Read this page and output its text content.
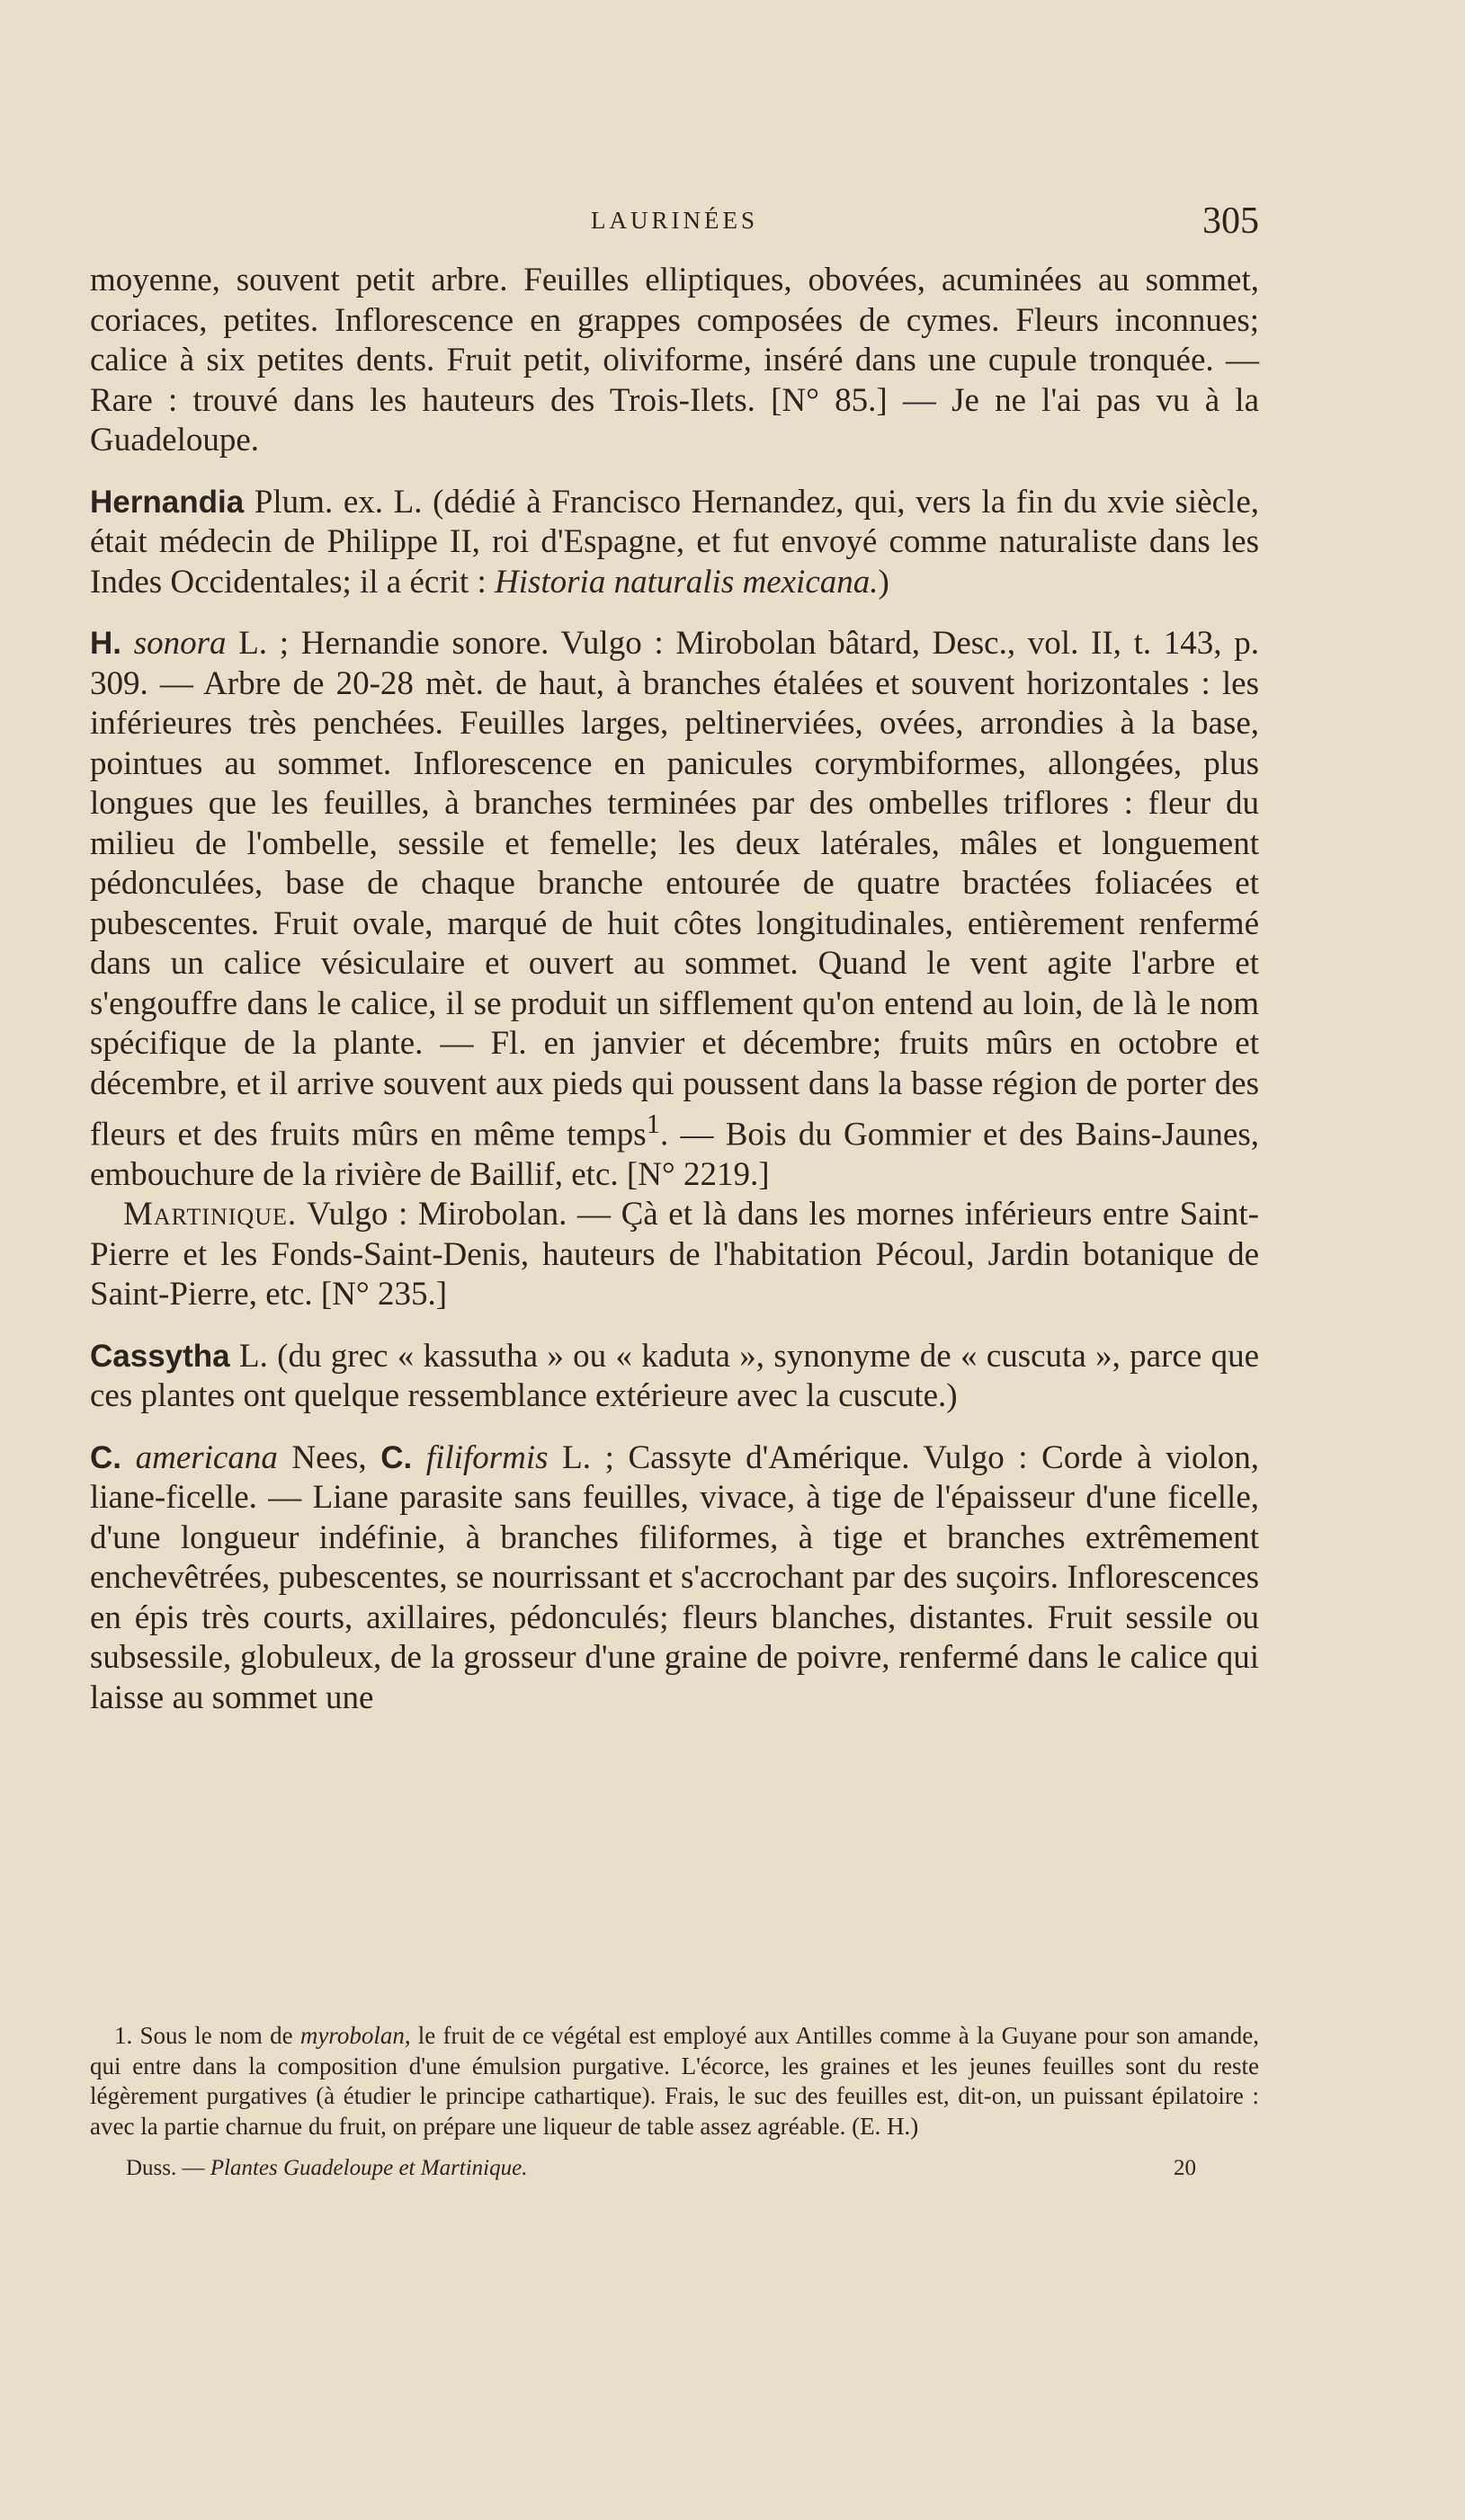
LAURINÉES	305

moyenne, souvent petit arbre. Feuilles elliptiques, obovées, acuminées au sommet, coriaces, petites. Inflorescence en grappes composées de cymes. Fleurs inconnues; calice à six petites dents. Fruit petit, oliviforme, inséré dans une cupule tronquée. — Rare : trouvé dans les hauteurs des Trois-Ilets. [N° 85.] — Je ne l'ai pas vu à la Guadeloupe.

Hernandia Plum. ex. L. (dédié à Francisco Hernandez, qui, vers la fin du xvie siècle, était médecin de Philippe II, roi d'Espagne, et fut envoyé comme naturaliste dans les Indes Occidentales; il a écrit : Historia naturalis mexicana.)

H. sonora L. ; Hernandie sonore. Vulgo : Mirobolan bâtard, Desc., vol. II, t. 143, p. 309. — Arbre de 20-28 mèt. de haut, à branches étalées et souvent horizontales : les inférieures très penchées. Feuilles larges, peltinerviées, ovées, arrondies à la base, pointues au sommet. Inflorescence en panicules corymbiformes, allongées, plus longues que les feuilles, à branches terminées par des ombelles triflores : fleur du milieu de l'ombelle, sessile et femelle; les deux latérales, mâles et longuement pédonculées, base de chaque branche entourée de quatre bractées foliacées et pubescentes. Fruit ovale, marqué de huit côtes longitudinales, entièrement renfermé dans un calice vésiculaire et ouvert au sommet. Quand le vent agite l'arbre et s'engouffre dans le calice, il se produit un sifflement qu'on entend au loin, de là le nom spécifique de la plante. — Fl. en janvier et décembre; fruits mûrs en octobre et décembre, et il arrive souvent aux pieds qui poussent dans la basse région de porter des fleurs et des fruits mûrs en même temps$^1$. — Bois du Gommier et des Bains-Jaunes, embouchure de la rivière de Baillif, etc. [N° 2219.]

 Martinique. Vulgo : Mirobolan. — Çà et là dans les mornes inférieurs entre Saint-Pierre et les Fonds-Saint-Denis, hauteurs de l'habitation Pécoul, Jardin botanique de Saint-Pierre, etc. [N° 235.]

Cassytha L. (du grec « kassutha » ou « kaduta », synonyme de « cuscuta », parce que ces plantes ont quelque ressemblance extérieure avec la cuscute.)

C. americana Nees, C. filiformis L. ; Cassyte d'Amérique. Vulgo : Corde à violon, liane-ficelle. — Liane parasite sans feuilles, vivace, à tige de l'épaisseur d'une ficelle, d'une longueur indéfinie, à branches filiformes, à tige et branches extrêmement enchevêtrées, pubescentes, se nourrissant et s'accrochant par des suçoirs. Inflorescences en épis très courts, axillaires, pédonculés; fleurs blanches, distantes. Fruit sessile ou subsessile, globuleux, de la grosseur d'une graine de poivre, renfermé dans le calice qui laisse au sommet une

 1. Sous le nom de myrobolan, le fruit de ce végétal est employé aux Antilles comme à la Guyane pour son amande, qui entre dans la composition d'une émulsion purgative. L'écorce, les graines et les jeunes feuilles sont du reste légèrement purgatives (à étudier le principe cathartique). Frais, le suc des feuilles est, dit-on, un puissant épilatoire : avec la partie charnue du fruit, on prépare une liqueur de table assez agréable. (E. H.)

Duss. — Plantes Guadeloupe et Martinique.	20
